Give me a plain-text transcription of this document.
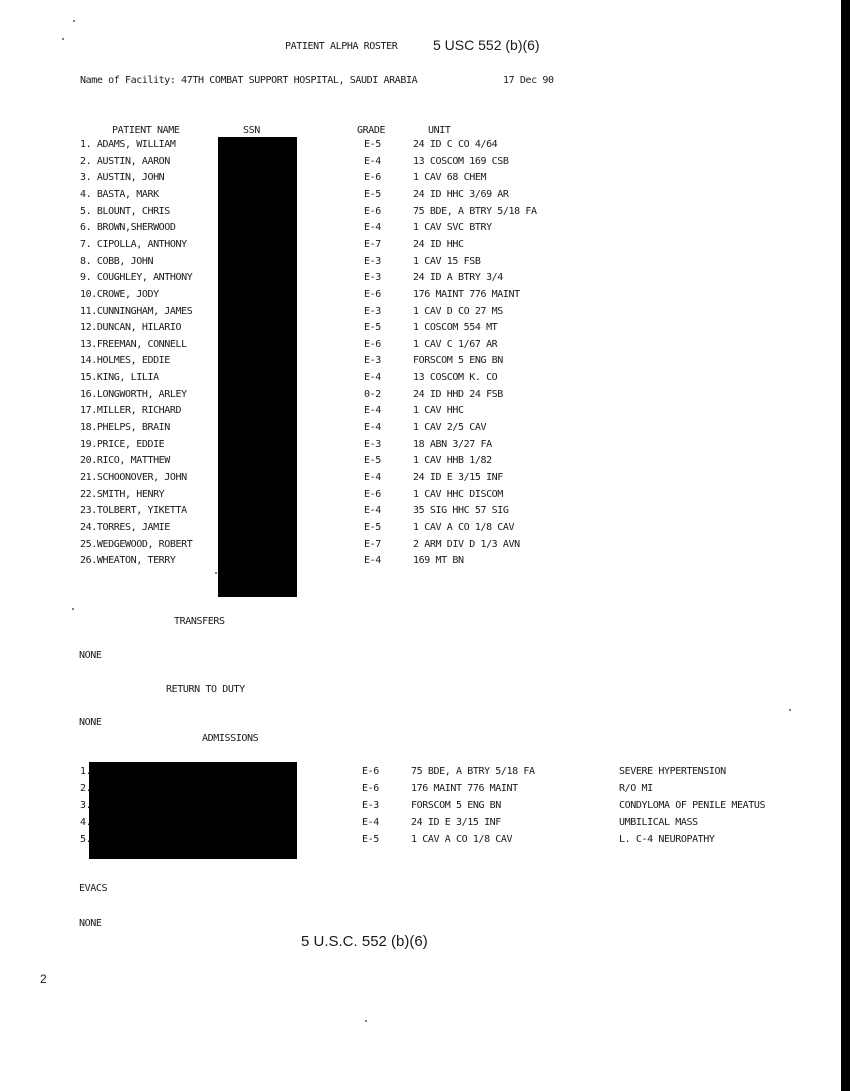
PATIENT ALPHA ROSTER	5 USC 552 (b)(6)
Name of Facility: 47TH COMBAT SUPPORT HOSPITAL, SAUDI ARABIA	17 Dec 90
PATIENT NAME	SSN	GRADE	UNIT
1. ADAMS, WILLIAM	E-5	24 ID C CO 4/64
2. AUSTIN, AARON	E-4	13 COSCOM 169 CSB
3. AUSTIN, JOHN	E-6	1 CAV 68 CHEM
4. BASTA, MARK	E-5	24 ID HHC 3/69 AR
5. BLOUNT, CHRIS	E-6	75 BDE, A BTRY 5/18 FA
6. BROWN,SHERWOOD	E-4	1 CAV SVC BTRY
7. CIPOLLA, ANTHONY	E-7	24 ID HHC
8. COBB, JOHN	E-3	1 CAV 15 FSB
9. COUGHLEY, ANTHONY	E-3	24 ID A BTRY 3/4
10.CROWE, JODY	E-6	176 MAINT 776 MAINT
11.CUNNINGHAM, JAMES	E-3	1 CAV D CO 27 MS
12.DUNCAN, HILARIO	E-5	1 COSCOM 554 MT
13.FREEMAN, CONNELL	E-6	1 CAV C 1/67 AR
14.HOLMES, EDDIE	E-3	FORSCOM 5 ENG BN
15.KING, LILIA	E-4	13 COSCOM K. CO
16.LONGWORTH, ARLEY	0-2	24 ID HHD 24 FSB
17.MILLER, RICHARD	E-4	1 CAV HHC
18.PHELPS, BRAIN	E-4	1 CAV 2/5 CAV
19.PRICE, EDDIE	E-3	18 ABN 3/27 FA
20.RICO, MATTHEW	E-5	1 CAV HHB 1/82
21.SCHOONOVER, JOHN	E-4	24 ID E 3/15 INF
22.SMITH, HENRY	E-6	1 CAV HHC DISCOM
23.TOLBERT, YIKETTA	E-4	35 SIG HHC 57 SIG
24.TORRES, JAMIE	E-5	1 CAV A CO 1/8 CAV
25.WEDGEWOOD, ROBERT	E-7	2 ARM DIV D 1/3 AVN
26.WHEATON, TERRY	E-4	169 MT BN
TRANSFERS
NONE
RETURN TO DUTY
NONE
ADMISSIONS
1.	E-6	75 BDE, A BTRY 5/18 FA	SEVERE HYPERTENSION
2.	E-6	176 MAINT 776 MAINT	R/O MI
3.	E-3	FORSCOM 5 ENG BN	CONDYLOMA OF PENILE MEATUS
4.	E-4	24 ID E 3/15 INF	UMBILICAL MASS
5.	E-5	1 CAV A CO 1/8 CAV	L. C-4 NEUROPATHY
EVACS
NONE
5 U.S.C. 552 (b)(6)
2
